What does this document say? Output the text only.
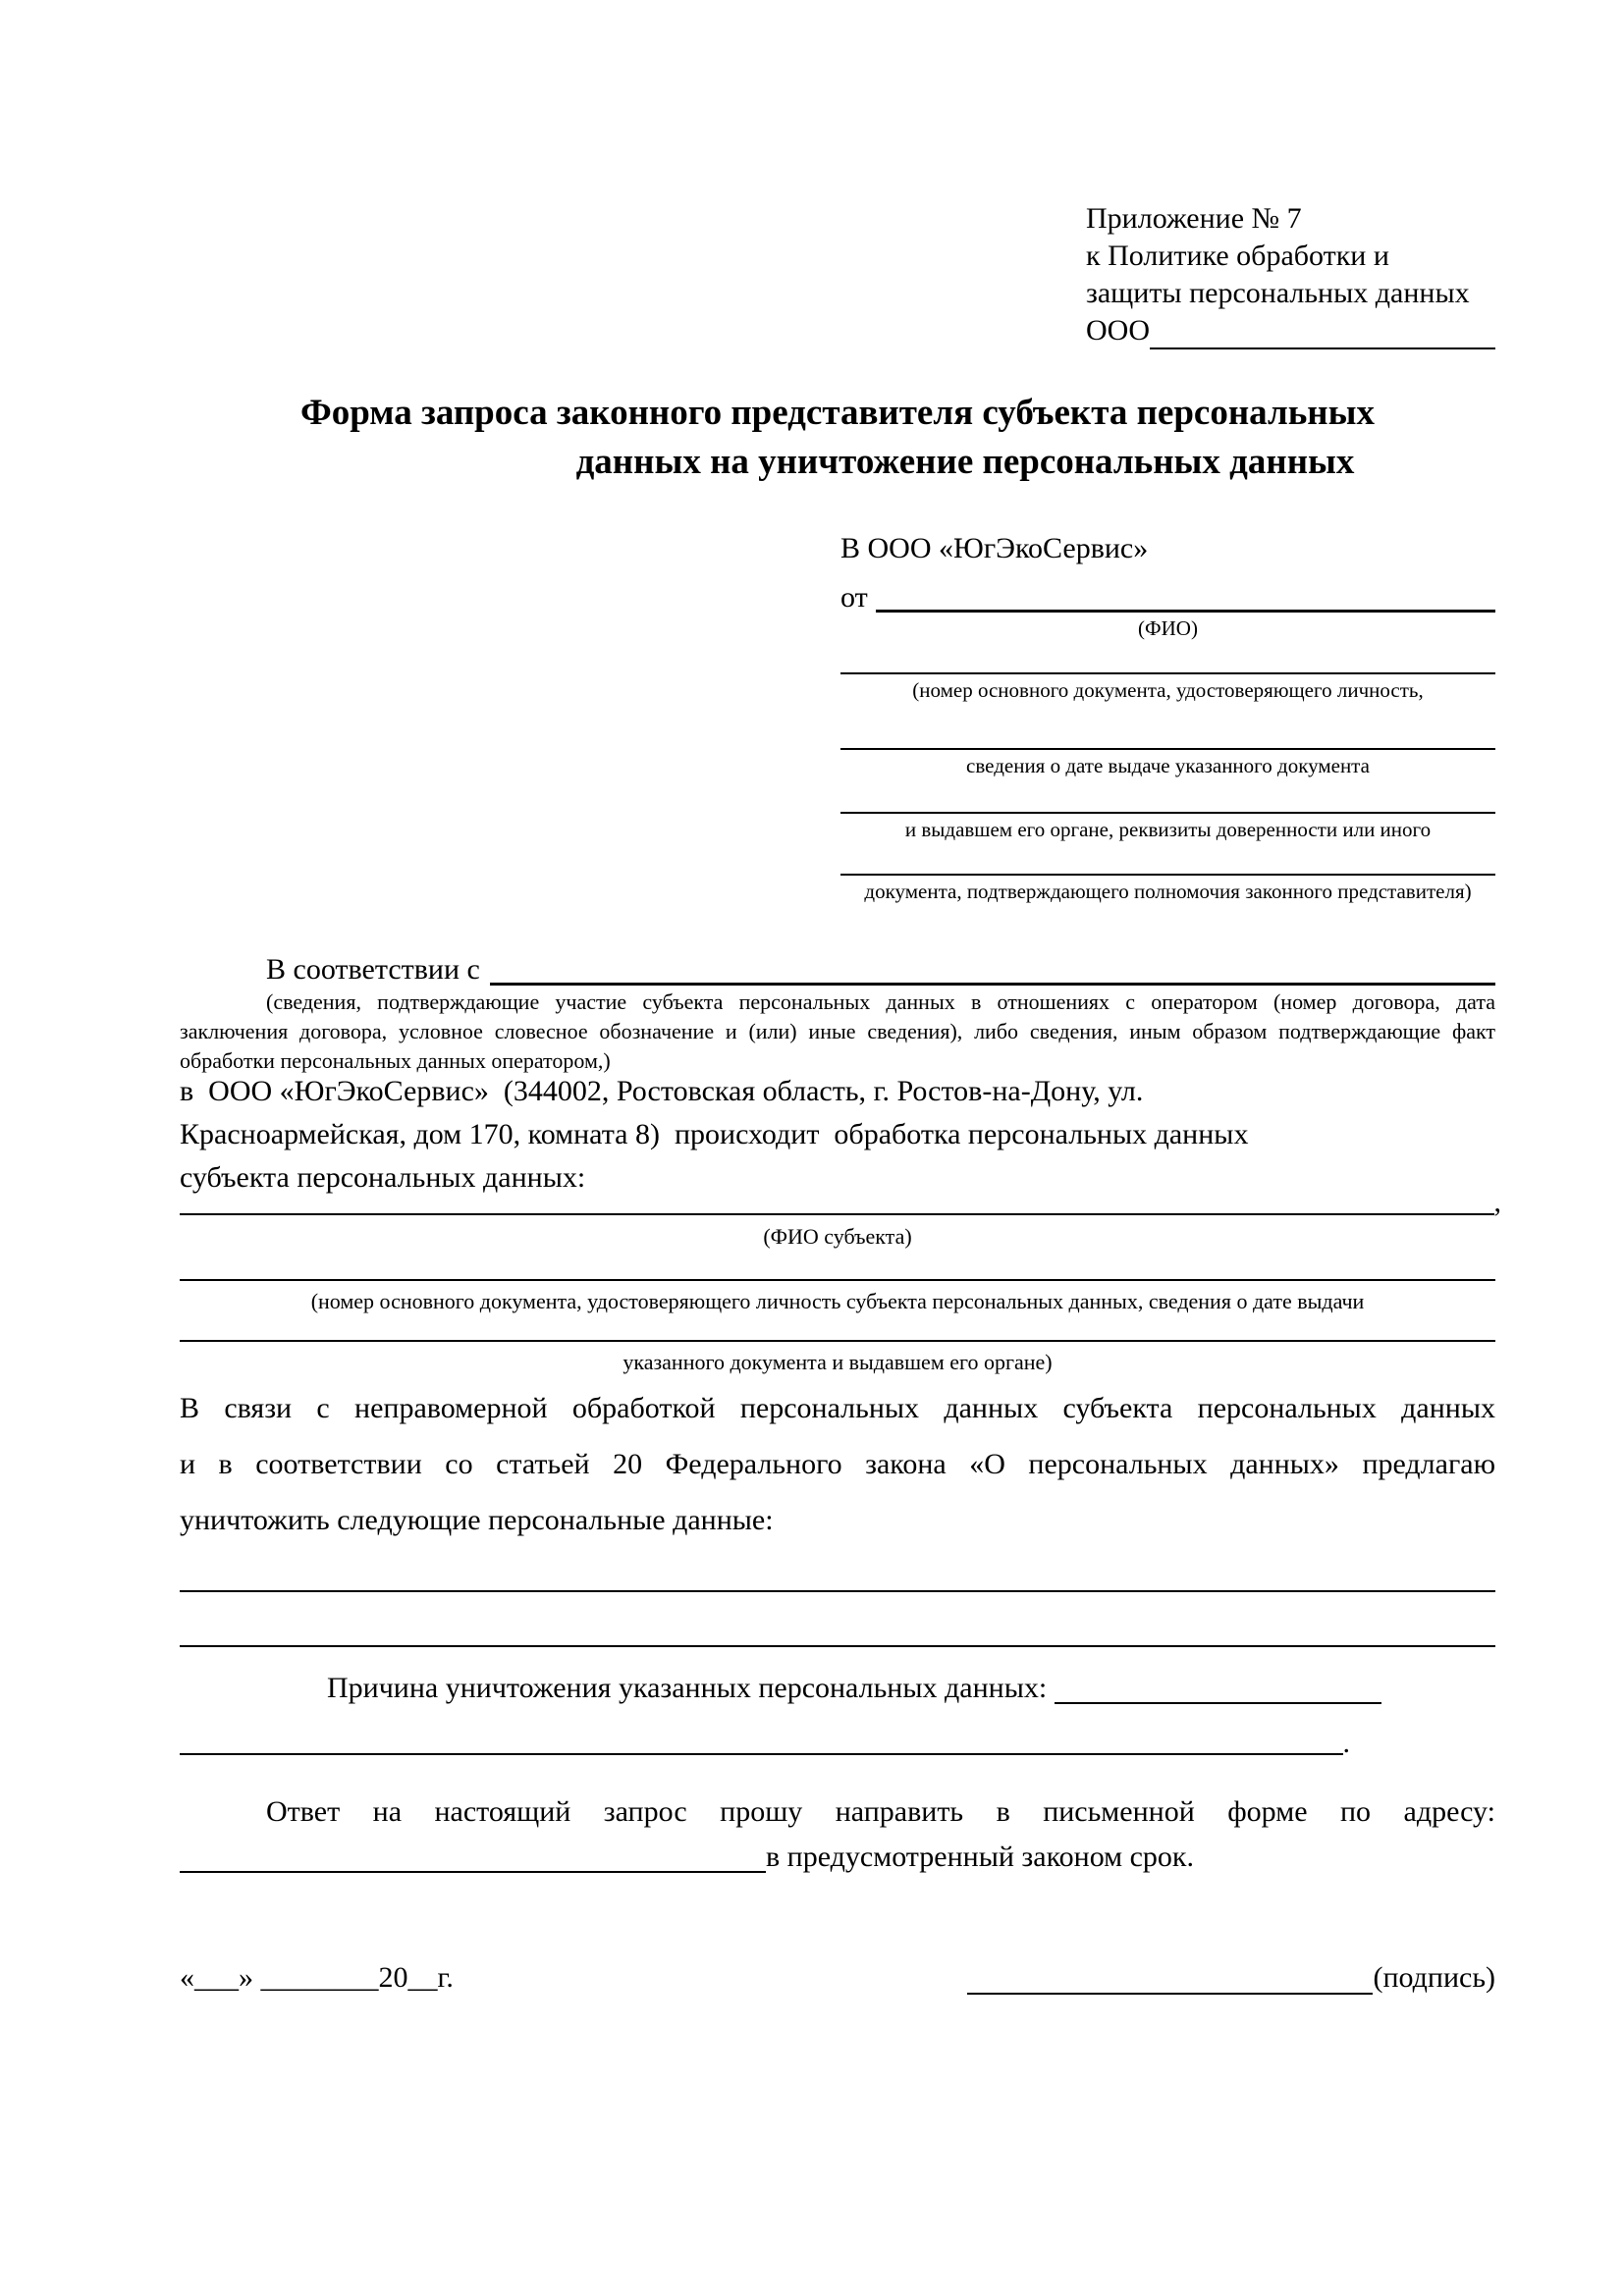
Приложение № 7
к Политике обработки и
защиты персональных данных
ООО
Форма запроса законного представителя субъекта персональных
данных на уничтожение персональных данных
В ООО «ЮгЭкоСервис»
от
(ФИО)
(номер основного документа, удостоверяющего личность,
сведения о дате выдаче указанного документа
и выдавшем его органе, реквизиты доверенности или иного
документа, подтверждающего полномочия законного представителя)
В соответствии с
(сведения, подтверждающие участие субъекта персональных данных в отношениях с оператором (номер договора, дата
заключения договора, условное словесное обозначение и (или) иные сведения), либо сведения, иным образом подтверждающие факт
обработки персональных данных оператором,)
в  ООО «ЮгЭкоСервис»  (344002, Ростовская область, г. Ростов-на-Дону, ул.
Красноармейская, дом 170, комната 8)  происходит  обработка персональных данных
субъекта персональных данных:
,
(ФИО субъекта)
(номер основного документа, удостоверяющего личность субъекта персональных данных, сведения о дате выдачи
указанного документа и выдавшем его органе)
В связи с неправомерной обработкой персональных данных субъекта персональных данных
и в соответствии со статьей 20 Федерального закона «О персональных данных» предлагаю
уничтожить следующие персональные данные:
Причина уничтожения указанных персональных данных:
.
Ответ на настоящий запрос прошу направить в письменной форме по адресу:
в предусмотренный законом срок.
«___» ________20__г.	(подпись)
